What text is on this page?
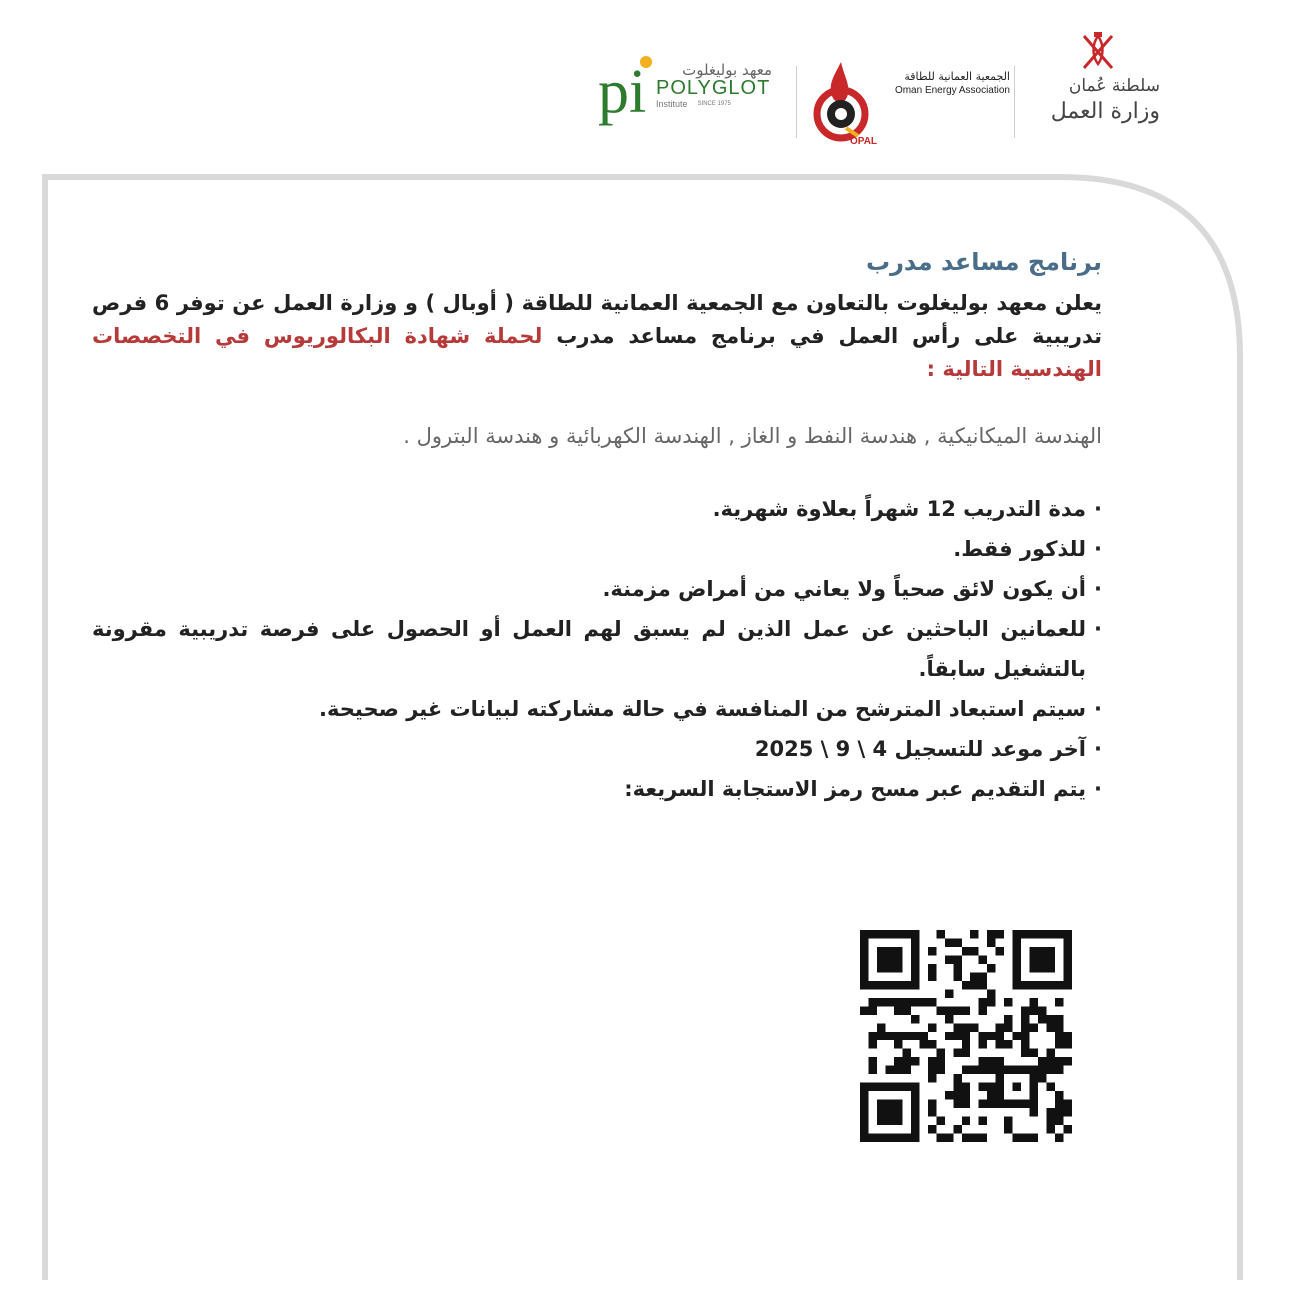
pi	معهد بوليغلوت
POLYGLOT
Institute SINCE 1975
OPAL
الجمعية العمانية للطاقة
Oman Energy Association	سلطنة عُمان
وزارة العمل
برنامج مساعد مدرب

يعلن معهد بوليغلوت بالتعاون مع الجمعية العمانية للطاقة ( أوبال ) و وزارة العمل عن توفر 6 فرص تدريبية على رأس العمل في برنامج مساعد مدرب لحملة شهادة البكالوريوس في التخصصات الهندسية التالية :

الهندسة الميكانيكية , هندسة النفط و الغاز , الهندسة الكهربائية و هندسة البترول .

· مدة التدريب 12 شهراً بعلاوة شهرية.
· للذكور فقط.
· أن يكون لائق صحياً ولا يعاني من أمراض مزمنة.
· للعمانين الباحثين عن عمل الذين لم يسبق لهم العمل أو الحصول على فرصة تدريبية مقرونة بالتشغيل سابقاً.
· سيتم استبعاد المترشح من المنافسة في حالة مشاركته لبيانات غير صحيحة.
· آخر موعد للتسجيل 4 \ 9 \ 2025
· يتم التقديم عبر مسح رمز الاستجابة السريعة:
